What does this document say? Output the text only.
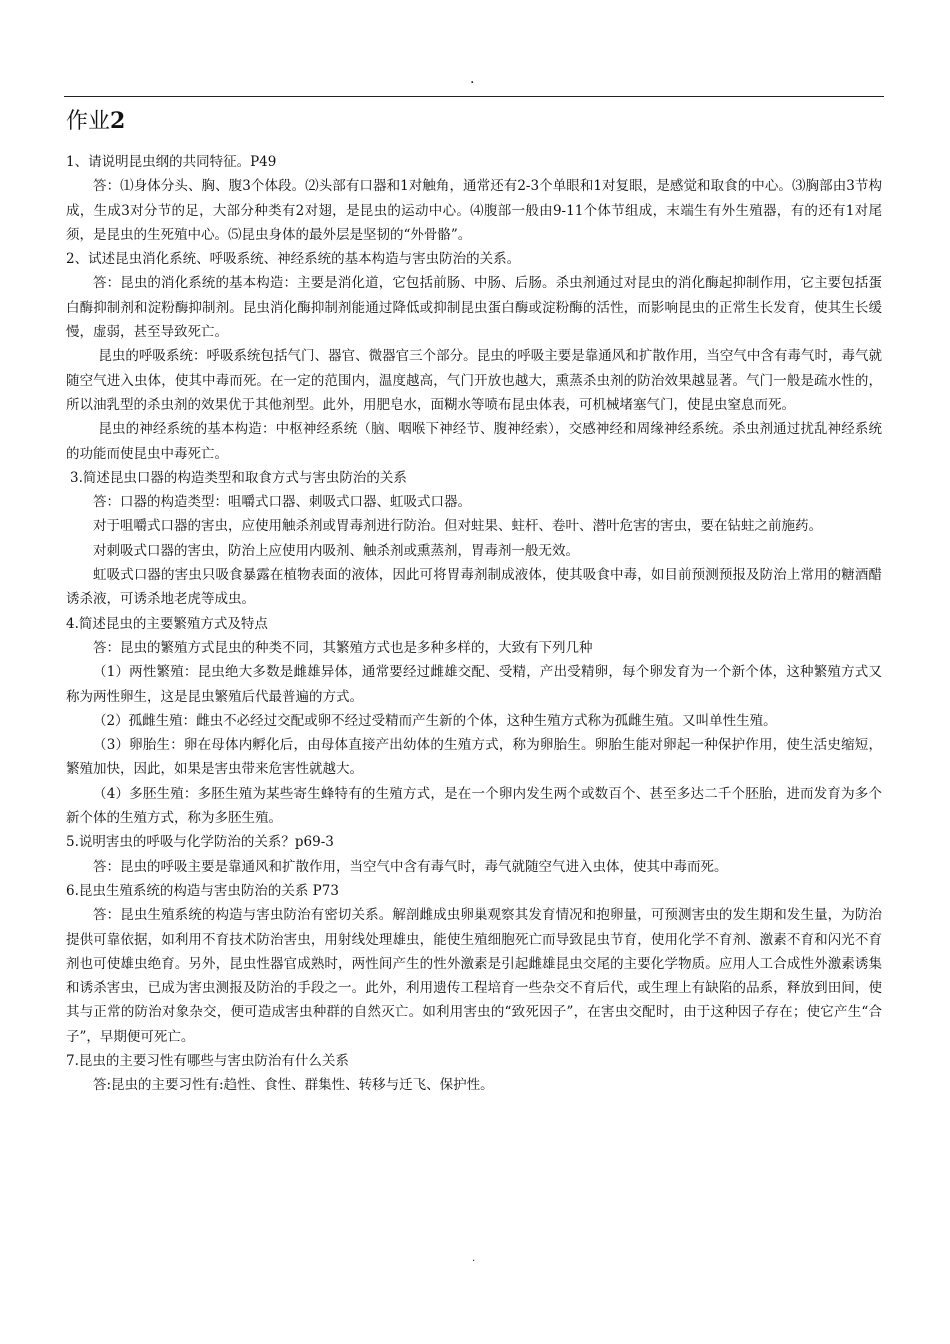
.
作业2

1、请说明昆虫纲的共同特征。P49

答：⑴身体分头、胸、腹3个体段。⑵头部有口器和1对触角，通常还有2-3个单眼和1对复眼，是感觉和取食的中心。⑶胸部由3节构成，生成3对分节的足，大部分种类有2对翅，是昆虫的运动中心。⑷腹部一般由9-11个体节组成，末端生有外生殖器，有的还有1对尾须，是昆虫的生死殖中心。⑸昆虫身体的最外层是坚韧的“外骨骼”。

2、试述昆虫消化系统、呼吸系统、神经系统的基本构造与害虫防治的关系。

答：昆虫的消化系统的基本构造：主要是消化道，它包括前肠、中肠、后肠。杀虫剂通过对昆虫的消化酶起抑制作用，它主要包括蛋白酶抑制剂和淀粉酶抑制剂。昆虫消化酶抑制剂能通过降低或抑制昆虫蛋白酶或淀粉酶的活性，而影响昆虫的正常生长发育，使其生长缓慢，虚弱，甚至导致死亡。

昆虫的呼吸系统：呼吸系统包括气门、器官、微器官三个部分。昆虫的呼吸主要是靠通风和扩散作用，当空气中含有毒气时，毒气就随空气进入虫体，使其中毒而死。在一定的范围内，温度越高，气门开放也越大，熏蒸杀虫剂的防治效果越显著。气门一般是疏水性的，所以油乳型的杀虫剂的效果优于其他剂型。此外，用肥皂水，面糊水等喷布昆虫体表，可机械堵塞气门，使昆虫窒息而死。

昆虫的神经系统的基本构造：中枢神经系统（脑、咽喉下神经节、腹神经索），交感神经和周缘神经系统。杀虫剂通过扰乱神经系统的功能而使昆虫中毒死亡。

3.简述昆虫口器的构造类型和取食方式与害虫防治的关系

答：口器的构造类型：咀嚼式口器、刺吸式口器、虹吸式口器。

对于咀嚼式口器的害虫，应使用触杀剂或胃毒剂进行防治。但对蛀果、蛀杆、卷叶、潜叶危害的害虫，要在钻蛀之前施药。

对刺吸式口器的害虫，防治上应使用内吸剂、触杀剂或熏蒸剂，胃毒剂一般无效。

虹吸式口器的害虫只吸食暴露在植物表面的液体，因此可将胃毒剂制成液体，使其吸食中毒，如目前预测预报及防治上常用的糖酒醋诱杀液，可诱杀地老虎等成虫。

4.简述昆虫的主要繁殖方式及特点

答：昆虫的繁殖方式昆虫的种类不同，其繁殖方式也是多种多样的，大致有下列几种

（1）两性繁殖：昆虫绝大多数是雌雄异体，通常要经过雌雄交配、受精，产出受精卵，每个卵发育为一个新个体，这种繁殖方式又称为两性卵生，这是昆虫繁殖后代最普遍的方式。

（2）孤雌生殖：雌虫不必经过交配或卵不经过受精而产生新的个体，这种生殖方式称为孤雌生殖。又叫单性生殖。

（3）卵胎生：卵在母体内孵化后，由母体直接产出幼体的生殖方式，称为卵胎生。卵胎生能对卵起一种保护作用，使生活史缩短，繁殖加快，因此，如果是害虫带来危害性就越大。

（4）多胚生殖：多胚生殖为某些寄生蜂特有的生殖方式，是在一个卵内发生两个或数百个、甚至多达二千个胚胎，进而发育为多个新个体的生殖方式，称为多胚生殖。

5.说明害虫的呼吸与化学防治的关系？p69-3

答：昆虫的呼吸主要是靠通风和扩散作用，当空气中含有毒气时，毒气就随空气进入虫体，使其中毒而死。

6.昆虫生殖系统的构造与害虫防治的关系 P73

答：昆虫生殖系统的构造与害虫防治有密切关系。解剖雌成虫卵巢观察其发育情况和抱卵量，可预测害虫的发生期和发生量，为防治提供可靠依据，如利用不育技术防治害虫，用射线处理雄虫，能使生殖细胞死亡而导致昆虫节育，使用化学不育剂、激素不育和闪光不育剂也可使雄虫绝育。另外，昆虫性器官成熟时，两性间产生的性外激素是引起雌雄昆虫交尾的主要化学物质。应用人工合成性外激素诱集和诱杀害虫，已成为害虫测报及防治的手段之一。此外，利用遗传工程培育一些杂交不育后代，或生理上有缺陷的品系，释放到田间，使其与正常的防治对象杂交，便可造成害虫种群的自然灭亡。如利用害虫的“致死因子”，在害虫交配时，由于这种因子存在；使它产生“合子”，早期便可死亡。

7.昆虫的主要习性有哪些与害虫防治有什么关系

答:昆虫的主要习性有:趋性、食性、群集性、转移与迁飞、保护性。

.
